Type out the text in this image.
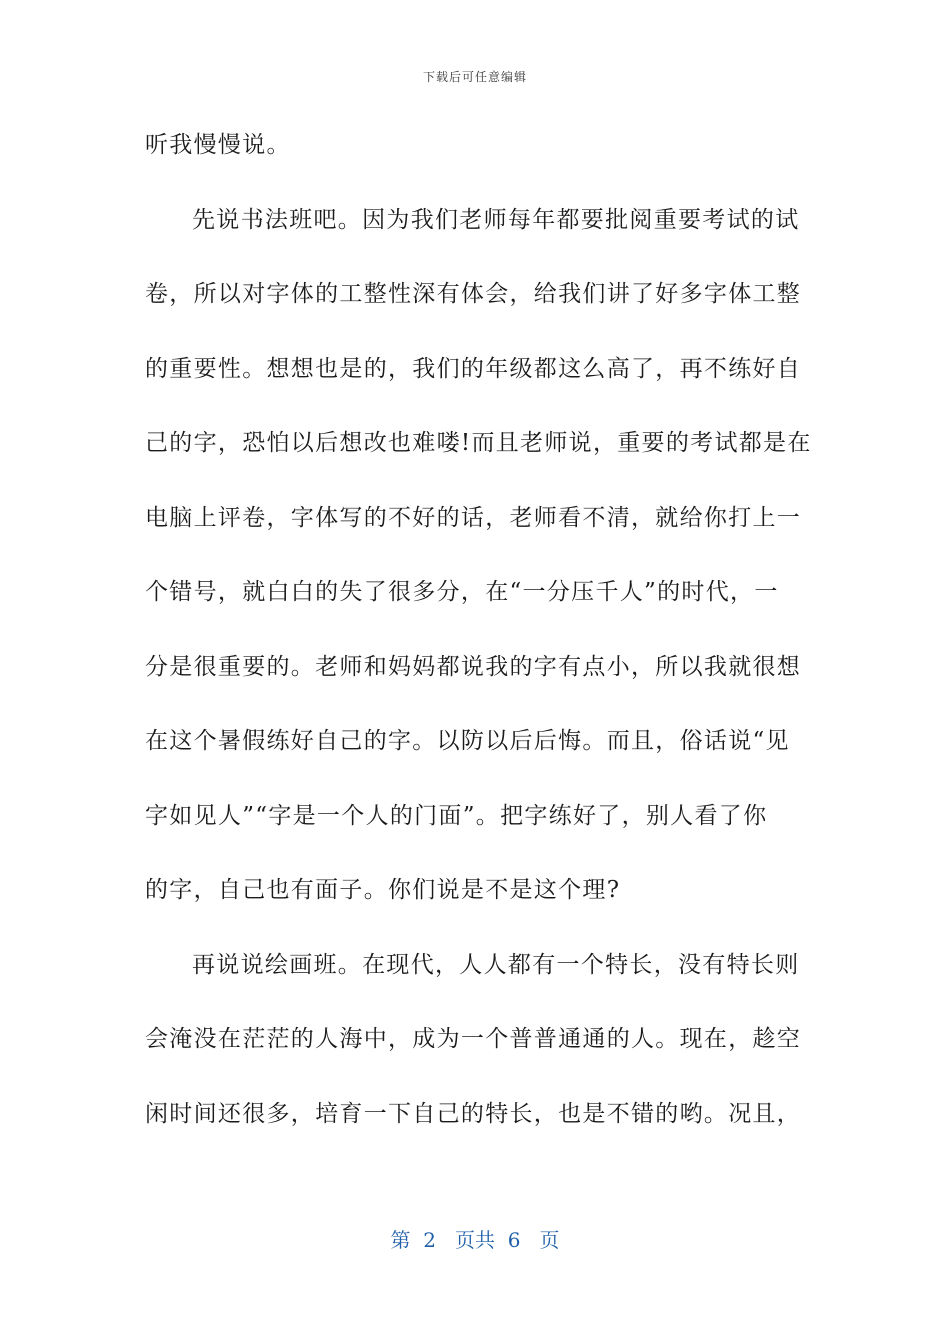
下载后可任意编辑
听我慢慢说。
先说书法班吧。因为我们老师每年都要批阅重要考试的试
卷，所以对字体的工整性深有体会，给我们讲了好多字体工整
的重要性。想想也是的，我们的年级都这么高了，再不练好自
己的字，恐怕以后想改也难喽!而且老师说，重要的考试都是在
电脑上评卷，字体写的不好的话，老师看不清，就给你打上一
个错号，就白白的失了很多分，在“一分压千人”的时代，一
分是很重要的。老师和妈妈都说我的字有点小，所以我就很想
在这个暑假练好自己的字。以防以后后悔。而且，俗话说“见
字如见人”“字是一个人的门面”。把字练好了，别人看了你
的字，自己也有面子。你们说是不是这个理?
再说说绘画班。在现代，人人都有一个特长，没有特长则
会淹没在茫茫的人海中，成为一个普普通通的人。现在，趁空
闲时间还很多，培育一下自己的特长，也是不错的哟。况且，
第  2   页共  6   页
